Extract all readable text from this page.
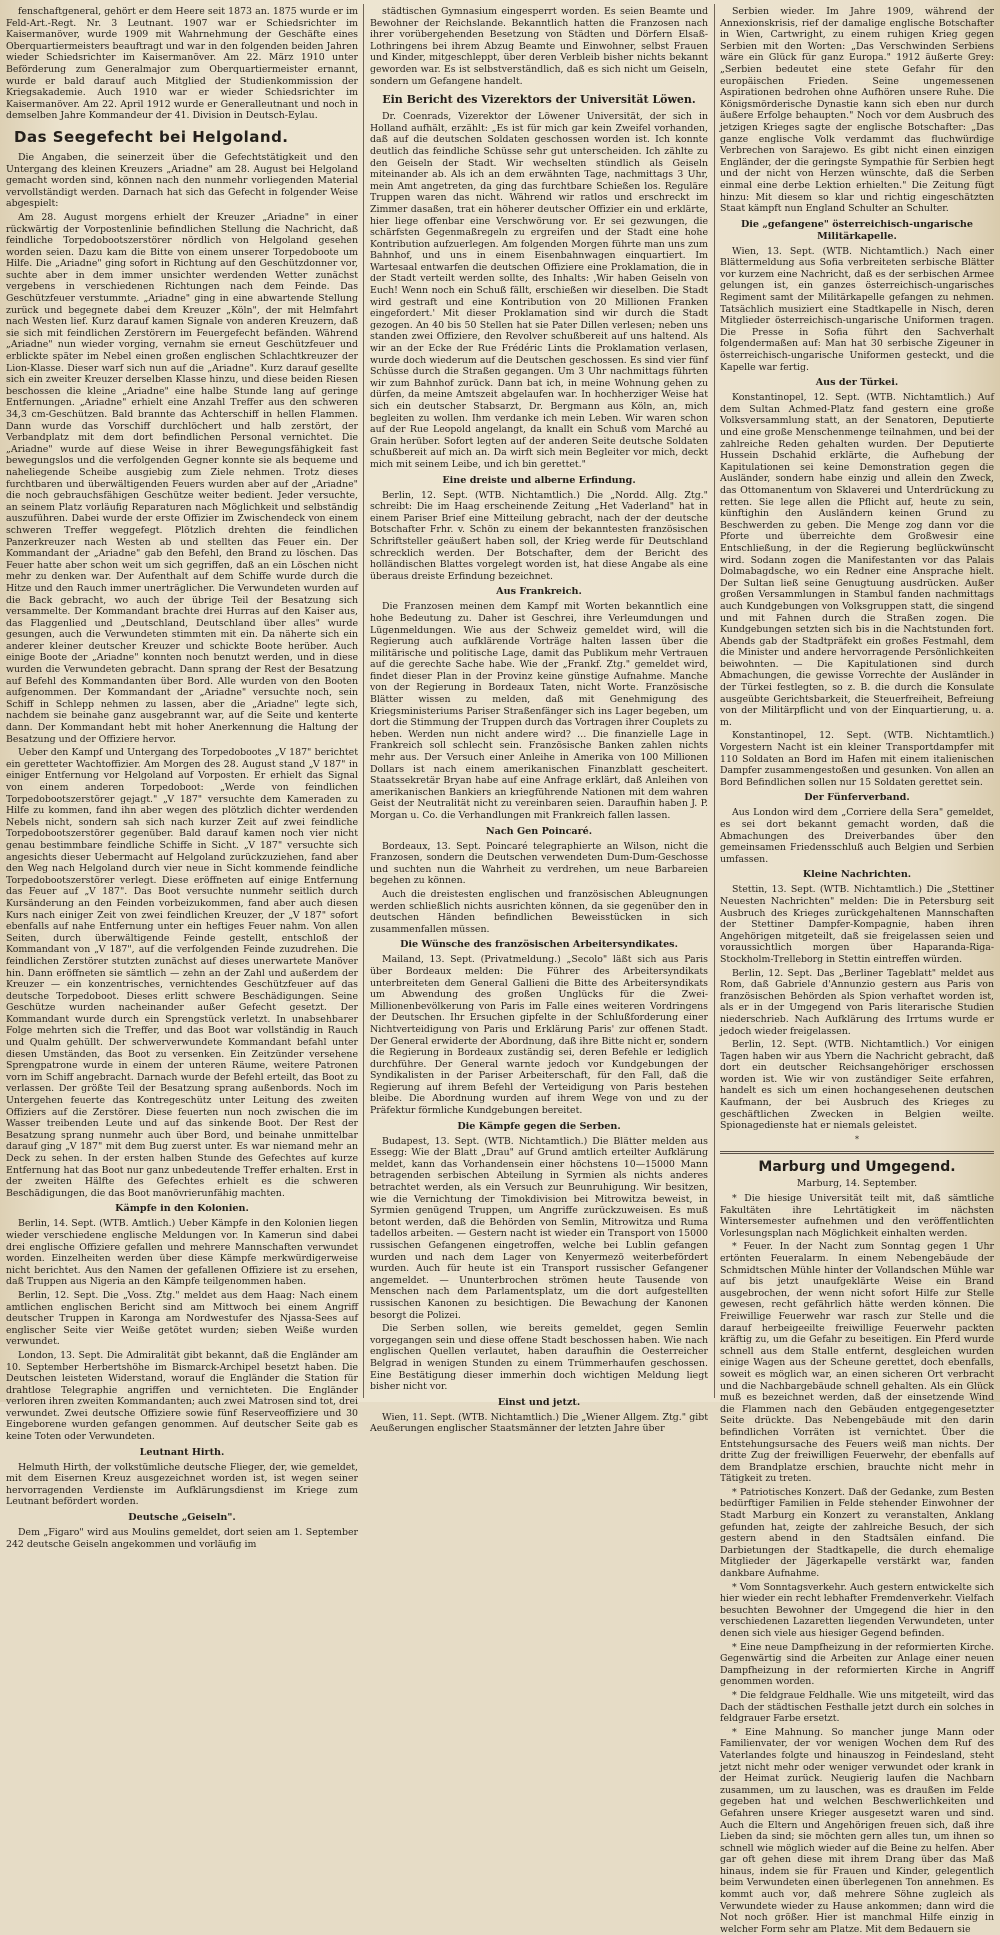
fenschaftgeneral, gehört er dem Heere seit 1873 an. 1875 wurde er im Feld-Art.-Regt. Nr. 3 Leutnant. 1907 war er Schiedsrichter im Kaisermanöver, wurde 1909 mit Wahrnehmung der Geschäfte eines Oberquartiermeisters beauftragt und war in den folgenden beiden Jahren wieder Schiedsrichter im Kaisermanöver. Am 22. März 1910 unter Beförderung zum Generalmajor zum Oberquartiermeister ernannt, wurde er bald darauf auch Mitglied der Studienkommission der Kriegsakademie. Auch 1910 war er wieder Schiedsrichter im Kaisermanöver. Am 22. April 1912 wurde er Generalleutnant und noch in demselben Jahre Kommandeur der 41. Division in Deutsch-Eylau.

Das Seegefecht bei Helgoland.

Die Angaben, die seinerzeit über die Gefechtstätigkeit und den Untergang des kleinen Kreuzers „Ariadne" am 28. August bei Helgoland gemacht worden sind, können nach den nunmehr vorliegenden Material vervollständigt werden. Darnach hat sich das Gefecht in folgender Weise abgespielt:

Am 28. August morgens erhielt der Kreuzer „Ariadne" in einer rückwärtig der Vorpostenlinie befindlichen Stellung die Nachricht, daß feindliche Torpedobootszerstörer nördlich von Helgoland gesehen worden seien. Dazu kam die Bitte von einem unserer Torpedoboote um Hilfe. Die „Ariadne" ging sofort in Richtung auf den Geschützdonner vor, suchte aber in dem immer unsichter werdenden Wetter zunächst vergebens in verschiedenen Richtungen nach dem Feinde. Das Geschützfeuer verstummte. „Ariadne" ging in eine abwartende Stellung zurück und begegnete dabei dem Kreuzer „Köln", der mit Helmfahrt nach Westen lief. Kurz darauf kamen Signale von anderen Kreuzern, daß sie sich mit feindlichen Zerstörern im Feuergefecht befänden. Während „Ariadne" nun wieder vorging, vernahm sie erneut Geschützfeuer und erblickte später im Nebel einen großen englischen Schlachtkreuzer der Lion-Klasse. Dieser warf sich nun auf die „Ariadne". Kurz darauf gesellte sich ein zweiter Kreuzer derselben Klasse hinzu, und diese beiden Riesen beschossen die kleine „Ariadne" eine halbe Stunde lang auf geringe Entfernungen. „Ariadne" erhielt eine Anzahl Treffer aus den schweren 34,3 cm-Geschützen. Bald brannte das Achterschiff in hellen Flammen. Dann wurde das Vorschiff durchlöchert und halb zerstört, der Verbandplatz mit dem dort befindlichen Personal vernichtet. Die „Ariadne" wurde auf diese Weise in ihrer Bewegungsfähigkeit fast bewegungslos und die verfolgenden Gegner konnte sie als bequeme und naheliegende Scheibe ausgiebig zum Ziele nehmen. Trotz dieses furchtbaren und überwältigenden Feuers wurden aber auf der „Ariadne" die noch gebrauchsfähigen Geschütze weiter bedient. Jeder versuchte, an seinem Platz vorläufig Reparaturen nach Möglichkeit und selbständig auszuführen. Dabei wurde der erste Offizier im Zwischendeck von einem schweren Treffer weggefegt. Plötzlich drehten die feindlichen Panzerkreuzer nach Westen ab und stellten das Feuer ein. Der Kommandant der „Ariadne" gab den Befehl, den Brand zu löschen. Das Feuer hatte aber schon weit um sich gegriffen, daß an ein Löschen nicht mehr zu denken war. Der Aufenthalt auf dem Schiffe wurde durch die Hitze und den Rauch immer unerträglicher. Die Verwundeten wurden auf die Back gebracht, wo auch der übrige Teil der Besatzung sich versammelte. Der Kommandant brachte drei Hurras auf den Kaiser aus, das Flaggenlied und „Deutschland, Deutschland über alles" wurde gesungen, auch die Verwundeten stimmten mit ein. Da näherte sich ein anderer kleiner deutscher Kreuzer und schickte Boote herüber. Auch einige Boote der „Ariadne" konnten noch benutzt werden, und in diese wurden die Verwundeten gebracht. Dann sprang der Rest der Besatzung auf Befehl des Kommandanten über Bord. Alle wurden von den Booten aufgenommen. Der Kommandant der „Ariadne" versuchte noch, sein Schiff in Schlepp nehmen zu lassen, aber die „Ariadne" legte sich, nachdem sie beinahe ganz ausgebrannt war, auf die Seite und kenterte dann. Der Kommandant hebt mit hoher Anerkennung die Haltung der Besatzung und der Offiziere hervor.

Ueber den Kampf und Untergang des Torpedobootes „V 187" berichtet ein geretteter Wachtoffizier. Am Morgen des 28. August stand „V 187" in einiger Entfernung vor Helgoland auf Vorposten. Er erhielt das Signal von einem anderen Torpedoboot: „Werde von feindlichen Torpedobootszerstörer gejagt." „V 187" versuchte dem Kameraden zu Hilfe zu kommen, fand ihn aber wegen des plötzlich dichter werdenden Nebels nicht, sondern sah sich nach kurzer Zeit auf zwei feindliche Torpedobootszerstörer gegenüber. Bald darauf kamen noch vier nicht genau bestimmbare feindliche Schiffe in Sicht. „V 187" versuchte sich angesichts dieser Uebermacht auf Helgoland zurückzuziehen, fand aber den Weg nach Helgoland durch vier neue in Sicht kommende feindliche Torpedobootszerstörer verlegt. Diese eröffneten auf einige Entfernung das Feuer auf „V 187". Das Boot versuchte nunmehr seitlich durch Kursänderung an den Feinden vorbeizukommen, fand aber auch diesen Kurs nach einiger Zeit von zwei feindlichen Kreuzer, der „V 187" sofort ebenfalls auf nahe Entfernung unter ein heftiges Feuer nahm. Von allen Seiten, durch überwältigende Feinde gestellt, entschloß der Kommandant von „V 187", auf die verfolgenden Feinde zuzudrehen. Die feindlichen Zerstörer stutzten zunächst auf dieses unerwartete Manöver hin. Dann eröffneten sie sämtlich — zehn an der Zahl und außerdem der Kreuzer — ein konzentrisches, vernichtendes Geschützfeuer auf das deutsche Torpedoboot. Dieses erlitt schwere Beschädigungen. Seine Geschütze wurden nacheinander außer Gefecht gesetzt. Der Kommandant wurde durch ein Sprengstück verletzt. In unabsehbarer Folge mehrten sich die Treffer, und das Boot war vollständig in Rauch und Qualm gehüllt. Der schwerverwundete Kommandant befahl unter diesen Umständen, das Boot zu versenken. Ein Zeitzünder versehene Sprengpatrone wurde in einem der unteren Räume, weitere Patronen vorn im Schiff angebracht. Darnach wurde der Befehl erteilt, das Boot zu verlassen. Der größte Teil der Besatzung sprang außenbords. Noch im Untergehen feuerte das Kontregeschütz unter Leitung des zweiten Offiziers auf die Zerstörer. Diese feuerten nun noch zwischen die im Wasser treibenden Leute und auf das sinkende Boot. Der Rest der Besatzung sprang nunmehr auch über Bord, und beinahe unmittelbar darauf ging „V 187" mit dem Bug zuerst unter. Es war niemand mehr an Deck zu sehen. In der ersten halben Stunde des Gefechtes auf kurze Entfernung hat das Boot nur ganz unbedeutende Treffer erhalten. Erst in der zweiten Hälfte des Gefechtes erhielt es die schweren Beschädigungen, die das Boot manövrierunfähig machten.

Kämpfe in den Kolonien.

Berlin, 14. Sept. (WTB. Amtlich.) Ueber Kämpfe in den Kolonien liegen wieder verschiedene englische Meldungen vor. In Kamerun sind dabei drei englische Offiziere gefallen und mehrere Mannschaften verwundet worden. Einzelheiten werden über diese Kämpfe merkwürdigerweise nicht berichtet. Aus den Namen der gefallenen Offiziere ist zu ersehen, daß Truppen aus Nigeria an den Kämpfe teilgenommen haben.

Berlin, 12. Sept. Die „Voss. Ztg." meldet aus dem Haag: Nach einem amtlichen englischen Bericht sind am Mittwoch bei einem Angriff deutscher Truppen in Karonga am Nordwestufer des Njassa-Sees auf englischer Seite vier Weiße getötet wurden; sieben Weiße wurden verwundet.

London, 13. Sept. Die Admiralität gibt bekannt, daß die Engländer am 10. September Herbertshöhe im Bismarck-Archipel besetzt haben. Die Deutschen leisteten Widerstand, worauf die Engländer die Station für drahtlose Telegraphie angriffen und vernichteten. Die Engländer verloren ihren zweiten Kommandanten; auch zwei Matrosen sind tot, drei verwundet. Zwei deutsche Offiziere sowie fünf Reserveoffiziere und 30 Eingeborene wurden gefangen genommen. Auf deutscher Seite gab es keine Toten oder Verwundeten.

Leutnant Hirth.

Helmuth Hirth, der volkstümliche deutsche Flieger, der, wie gemeldet, mit dem Eisernen Kreuz ausgezeichnet worden ist, ist wegen seiner hervorragenden Verdienste im Aufklärungsdienst im Kriege zum Leutnant befördert worden.

Deutsche „Geiseln".

Dem „Figaro" wird aus Moulins gemeldet, dort seien am 1. September 242 deutsche Geiseln angekommen und vorläufig im

städtischen Gymnasium eingesperrt worden. Es seien Beamte und Bewohner der Reichslande. Bekanntlich hatten die Franzosen nach ihrer vorübergehenden Besetzung von Städten und Dörfern Elsaß-Lothringens bei ihrem Abzug Beamte und Einwohner, selbst Frauen und Kinder, mitgeschleppt, über deren Verbleib bisher nichts bekannt geworden war. Es ist selbstverständlich, daß es sich nicht um Geiseln, sondern um Gefangene handelt.

Ein Bericht des Vizerektors der Universität Löwen.

Dr. Coenrads, Vizerektor der Löwener Universität, der sich in Holland aufhält, erzählt: „Es ist für mich gar kein Zweifel vorhanden, daß auf die deutschen Soldaten geschossen worden ist. Ich konnte deutlich das feindliche Schüsse sehr gut unterscheiden. Ich zählte zu den Geiseln der Stadt. Wir wechselten stündlich als Geiseln miteinander ab. Als ich an dem erwähnten Tage, nachmittags 3 Uhr, mein Amt angetreten, da ging das furchtbare Schießen los. Reguläre Truppen waren das nicht. Während wir ratlos und erschreckt im Zimmer dasaßen, trat ein höherer deutscher Offizier ein und erklärte, hier liege offenbar eine Verschwörung vor. Er sei gezwungen, die schärfsten Gegenmaßregeln zu ergreifen und der Stadt eine hohe Kontribution aufzuerlegen. Am folgenden Morgen führte man uns zum Bahnhof, und uns in einem Eisenbahnwagen einquartiert. Im Wartesaal entwarfen die deutschen Offiziere eine Proklamation, die in der Stadt verteilt werden sollte, des Inhalts: ‚Wir haben Geiseln von Euch! Wenn noch ein Schuß fällt, erschießen wir dieselben. Die Stadt wird gestraft und eine Kontribution von 20 Millionen Franken eingefordert.' Mit dieser Proklamation sind wir durch die Stadt gezogen. An 40 bis 50 Stellen hat sie Pater Dillen verlesen; neben uns standen zwei Offiziere, den Revolver schußbereit auf uns haltend. Als wir an der Ecke der Rue Frédéric Lints die Proklamation verlasen, wurde doch wiederum auf die Deutschen geschossen. Es sind vier fünf Schüsse durch die Straßen gegangen. Um 3 Uhr nachmittags führten wir zum Bahnhof zurück. Dann bat ich, in meine Wohnung gehen zu dürfen, da meine Amtszeit abgelaufen war. In hochherziger Weise hat sich ein deutscher Stabsarzt, Dr. Bergmann aus Köln, an, mich begleiten zu wollen. Ihm verdanke ich mein Leben. Wir waren schon auf der Rue Leopold angelangt, da knallt ein Schuß vom Marché au Grain herüber. Sofort legten auf der anderen Seite deutsche Soldaten schußbereit auf mich an. Da wirft sich mein Begleiter vor mich, deckt mich mit seinem Leibe, und ich bin gerettet."

Eine dreiste und alberne Erfindung.

Berlin, 12. Sept. (WTB. Nichtamtlich.) Die „Nordd. Allg. Ztg." schreibt: Die im Haag erscheinende Zeitung „Het Vaderland" hat in einem Pariser Brief eine Mitteilung gebracht, nach der der deutsche Botschafter Frhr. v. Schön zu einem der bekanntesten französischen Schriftsteller geäußert haben soll, der Krieg werde für Deutschland schrecklich werden. Der Botschafter, dem der Bericht des holländischen Blattes vorgelegt worden ist, hat diese Angabe als eine überaus dreiste Erfindung bezeichnet.

Aus Frankreich.

Die Franzosen meinen dem Kampf mit Worten bekanntlich eine hohe Bedeutung zu. Daher ist Geschrei, ihre Verleumdungen und Lügenmeldungen. Wie aus der Schweiz gemeldet wird, will die Regierung auch aufklärende Vorträge halten lassen über die militärische und politische Lage, damit das Publikum mehr Vertrauen auf die gerechte Sache habe. Wie der „Frankf. Ztg." gemeldet wird, findet dieser Plan in der Provinz keine günstige Aufnahme. Manche von der Regierung in Bordeaux Taten, nicht Worte. Französische Blätter wissen zu melden, daß mit Genehmigung des Kriegsministeriums Pariser Straßenfänger sich ins Lager begeben, um dort die Stimmung der Truppen durch das Vortragen ihrer Couplets zu heben. Werden nun nicht andere wird? … Die finanzielle Lage in Frankreich soll schlecht sein. Französische Banken zahlen nichts mehr aus. Der Versuch einer Anleihe in Amerika von 100 Millionen Dollars ist nach einem amerikanischen Finanzblatt gescheitert. Staatssekretär Bryan habe auf eine Anfrage erklärt, daß Anleihen von amerikanischen Bankiers an kriegführende Nationen mit dem wahren Geist der Neutralität nicht zu vereinbaren seien. Daraufhin haben J. P. Morgan u. Co. die Verhandlungen mit Frankreich fallen lassen.

Nach Gen Poincaré.

Bordeaux, 13. Sept. Poincaré telegraphierte an Wilson, nicht die Franzosen, sondern die Deutschen verwendeten Dum-Dum-Geschosse und suchten nun die Wahrheit zu verdrehen, um neue Barbareien begehen zu können.

Auch die dreistesten englischen und französischen Ableugnungen werden schließlich nichts ausrichten können, da sie gegenüber den in deutschen Händen befindlichen Beweisstücken in sich zusammenfallen müssen.

Die Wünsche des französischen Arbeitersyndikates.

Mailand, 13. Sept. (Privatmeldung.) „Secolo" läßt sich aus Paris über Bordeaux melden: Die Führer des Arbeitersyndikats unterbreiteten dem General Gallieni die Bitte des Arbeitersyndikats um Abwendung des großen Unglücks für die Zwei-Millionenbevölkerung von Paris im Falle eines weiteren Vordringens der Deutschen. Ihr Ersuchen gipfelte in der Schlußforderung einer Nichtverteidigung von Paris und Erklärung Paris' zur offenen Stadt. Der General erwiderte der Abordnung, daß ihre Bitte nicht er, sondern die Regierung in Bordeaux zuständig sei, deren Befehle er lediglich durchführe. Der General warnte jedoch vor Kundgebungen der Syndikalisten in der Pariser Arbeiterschaft, für den Fall, daß die Regierung auf ihrem Befehl der Verteidigung von Paris bestehen bleibe. Die Abordnung wurden auf ihrem Wege von und zu der Präfektur förmliche Kundgebungen bereitet.

Die Kämpfe gegen die Serben.

Budapest, 13. Sept. (WTB. Nichtamtlich.) Die Blätter melden aus Essegg: Wie der Blatt „Drau" auf Grund amtlich erteilter Aufklärung meldet, kann das Vorhandensein einer höchstens 10—15000 Mann betragenden serbischen Abteilung in Syrmien als nichts anderes betrachtet werden, als ein Versuch zur Beunruhigung. Wir besitzen, wie die Vernichtung der Timokdivision bei Mitrowitza beweist, in Syrmien genügend Truppen, um Angriffe zurückzuweisen. Es muß betont werden, daß die Behörden von Semlin, Mitrowitza und Ruma tadellos arbeiten. — Gestern nacht ist wieder ein Transport von 15000 russischen Gefangenen eingetroffen, welche bei Lublin gefangen wurden und nach dem Lager von Kenyermezö weiterbefördert wurden. Auch für heute ist ein Transport russischer Gefangener angemeldet. — Ununterbrochen strömen heute Tausende von Menschen nach dem Parlamentsplatz, um die dort aufgestellten russischen Kanonen zu besichtigen. Die Bewachung der Kanonen besorgt die Polizei.

Die Serben sollen, wie bereits gemeldet, gegen Semlin vorgegangen sein und diese offene Stadt beschossen haben. Wie nach englischen Quellen verlautet, haben daraufhin die Oesterreicher Belgrad in wenigen Stunden zu einem Trümmerhaufen geschossen. Eine Bestätigung dieser immerhin doch wichtigen Meldung liegt bisher nicht vor.

Einst und jetzt.

Wien, 11. Sept. (WTB. Nichtamtlich.) Die „Wiener Allgem. Ztg." gibt Aeußerungen englischer Staatsmänner der letzten Jahre über

Serbien wieder. Im Jahre 1909, während der Annexionskrisis, rief der damalige englische Botschafter in Wien, Cartwright, zu einem ruhigen Krieg gegen Serbien mit den Worten: „Das Verschwinden Serbiens wäre ein Glück für ganz Europa." 1912 äußerte Grey: „Serbien bedeutet eine stete Gefahr für den europäischen Frieden. Seine ungemessenen Aspirationen bedrohen ohne Aufhören unsere Ruhe. Die Königsmörderische Dynastie kann sich eben nur durch äußere Erfolge behaupten." Noch vor dem Ausbruch des jetzigen Krieges sagte der englische Botschafter: „Das ganze englische Volk verdammt das fluchwürdige Verbrechen von Sarajewo. Es gibt nicht einen einzigen Engländer, der die geringste Sympathie für Serbien hegt und der nicht von Herzen wünschte, daß die Serben einmal eine derbe Lektion erhielten." Die Zeitung fügt hinzu: Mit diesem so klar und richtig eingeschätzten Staat kämpft nun England Schulter an Schulter.

Die „gefangene" österreichisch-ungarische Militärkapelle.

Wien, 13. Sept. (WTB. Nichtamtlich.) Nach einer Blättermeldung aus Sofia verbreiteten serbische Blätter vor kurzem eine Nachricht, daß es der serbischen Armee gelungen ist, ein ganzes österreichisch-ungarisches Regiment samt der Militärkapelle gefangen zu nehmen. Tatsächlich musiziert eine Stadtkapelle in Nisch, deren Mitglieder österreichisch-ungarische Uniformen tragen. Die Presse in Sofia führt den Sachverhalt folgendermaßen auf: Man hat 30 serbische Zigeuner in österreichisch-ungarische Uniformen gesteckt, und die Kapelle war fertig.

Aus der Türkei.

Konstantinopel, 12. Sept. (WTB. Nichtamtlich.) Auf dem Sultan Achmed-Platz fand gestern eine große Volksversammlung statt, an der Senatoren, Deputierte und eine große Menschenmenge teilnahmen, und bei der zahlreiche Reden gehalten wurden. Der Deputierte Hussein Dschahid erklärte, die Aufhebung der Kapitulationen sei keine Demonstration gegen die Ausländer, sondern habe einzig und allein den Zweck, das Ottomanentum von Sklaverei und Unterdrückung zu retten. Sie lege allen die Pflicht auf, heute zu sein, künftighin den Ausländern keinen Grund zu Beschwerden zu geben. Die Menge zog dann vor die Pforte und überreichte dem Großwesir eine Entschließung, in der die Regierung beglückwünscht wird. Sodann zogen die Manifestanten vor das Palais Dolmabagdsche, wo ein Redner eine Ansprache hielt. Der Sultan ließ seine Genugtuung ausdrücken. Außer großen Versammlungen in Stambul fanden nachmittags auch Kundgebungen von Volksgruppen statt, die singend und mit Fahnen durch die Straßen zogen. Die Kundgebungen setzten sich bis in die Nachtstunden fort. Abends gab der Stadtpräfekt ein großes Festmahl, dem die Minister und andere hervorragende Persönlichkeiten beiwohnten. — Die Kapitulationen sind durch Abmachungen, die gewisse Vorrechte der Ausländer in der Türkei festlegten, so z. B. die durch die Konsulate ausgeübte Gerichtsbarkeit, die Steuerfreiheit, Befreiung von der Militärpflicht und von der Einquartierung, u. a. m.

Konstantinopel, 12. Sept. (WTB. Nichtamtlich.) Vorgestern Nacht ist ein kleiner Transportdampfer mit 110 Soldaten an Bord im Hafen mit einem italienischen Dampfer zusammengestoßen und gesunken. Von allen an Bord Befindlichen sollen nur 15 Soldaten gerettet sein.

Der Fünferverband.

Aus London wird dem „Corriere della Sera" gemeldet, es sei dort bekannt gemacht worden, daß die Abmachungen des Dreiverbandes über den gemeinsamen Friedensschluß auch Belgien und Serbien umfassen.

Kleine Nachrichten.

Stettin, 13. Sept. (WTB. Nichtamtlich.) Die „Stettiner Neuesten Nachrichten" melden: Die in Petersburg seit Ausbruch des Krieges zurückgehaltenen Mannschaften der Stettiner Dampfer-Kompagnie, haben ihren Angehörigen mitgeteilt, daß sie freigelassen seien und voraussichtlich morgen über Haparanda-Riga-Stockholm-Trelleborg in Stettin eintreffen würden.

Berlin, 12. Sept. Das „Berliner Tageblatt" meldet aus Rom, daß Gabriele d'Annunzio gestern aus Paris von französischen Behörden als Spion verhaftet worden ist, als er in der Umgegend von Paris literarische Studien niederschrieb. Nach Aufklärung des Irrtums wurde er jedoch wieder freigelassen.

Berlin, 12. Sept. (WTB. Nichtamtlich.) Vor einigen Tagen haben wir aus Ybern die Nachricht gebracht, daß dort ein deutscher Reichsangehöriger erschossen worden ist. Wie wir von zuständiger Seite erfahren, handelt es sich um einen hochangesehenen deutschen Kaufmann, der bei Ausbruch des Krieges zu geschäftlichen Zwecken in Belgien weilte. Spionagedienste hat er niemals geleistet.

*
Marburg und Umgegend.
Marburg, 14. September.

* Die hiesige Universität teilt mit, daß sämtliche Fakultäten ihre Lehrtätigkeit im nächsten Wintersemester aufnehmen und den veröffentlichten Vorlesungsplan nach Möglichkeit einhalten werden.

* Feuer. In der Nacht zum Sonntag gegen 1 Uhr ertönten Feueralarm. In einem Nebengebäude der Schmidtschen Mühle hinter der Vollandschen Mühle war auf bis jetzt unaufgeklärte Weise ein Brand ausgebrochen, der wenn nicht sofort Hilfe zur Stelle gewesen, recht gefährlich hätte werden können. Die Freiwillige Feuerwehr war rasch zur Stelle und die darauf herbeigeeilte freiwillige Feuerwehr packten kräftig zu, um die Gefahr zu beseitigen. Ein Pferd wurde schnell aus dem Stalle entfernt, desgleichen wurden einige Wagen aus der Scheune gerettet, doch ebenfalls, soweit es möglich war, an einen sicheren Ort verbracht und die Nachbargebäude schnell gehalten. Als ein Glück muß es bezeichnet werden, daß der einsetzende Wind die Flammen nach den Gebäuden entgegengesetzter Seite drückte. Das Nebengebäude mit den darin befindlichen Vorräten ist vernichtet. Über die Entstehungsursache des Feuers weiß man nichts. Der dritte Zug der freiwilligen Feuerwehr, der ebenfalls auf dem Brandplatze erschien, brauchte nicht mehr in Tätigkeit zu treten.

* Patriotisches Konzert. Daß der Gedanke, zum Besten bedürftiger Familien in Felde stehender Einwohner der Stadt Marburg ein Konzert zu veranstalten, Anklang gefunden hat, zeigte der zahlreiche Besuch, der sich gestern abend in den Stadtsälen einfand. Die Darbietungen der Stadtkapelle, die durch ehemalige Mitglieder der Jägerkapelle verstärkt war, fanden dankbare Aufnahme.

* Vom Sonntagsverkehr. Auch gestern entwickelte sich hier wieder ein recht lebhafter Fremdenverkehr. Vielfach besuchten Bewohner der Umgegend die hier in den verschiedenen Lazaretten liegenden Verwundeten, unter denen sich viele aus hiesiger Gegend befinden.

* Eine neue Dampfheizung in der reformierten Kirche. Gegenwärtig sind die Arbeiten zur Anlage einer neuen Dampfheizung in der reformierten Kirche in Angriff genommen worden.

* Die feldgraue Feldhalle. Wie uns mitgeteilt, wird das Dach der städtischen Festhalle jetzt durch ein solches in feldgrauer Farbe ersetzt.

* Eine Mahnung. So mancher junge Mann oder Familienvater, der vor wenigen Wochen dem Ruf des Vaterlandes folgte und hinauszog in Feindesland, steht jetzt nicht mehr oder weniger verwundet oder krank in der Heimat zurück. Neugierig laufen die Nachbarn zusammen, um zu lauschen, was es draußen im Felde gegeben hat und welchen Beschwerlichkeiten und Gefahren unsere Krieger ausgesetzt waren und sind. Auch die Eltern und Angehörigen freuen sich, daß ihre Lieben da sind; sie möchten gern alles tun, um ihnen so schnell wie möglich wieder auf die Beine zu helfen. Aber gar oft gehen diese mit ihrem Drang über das Maß hinaus, indem sie für Frauen und Kinder, gelegentlich beim Verwundeten einen überlegenen Ton annehmen. Es kommt auch vor, daß mehrere Söhne zugleich als Verwundete wieder zu Hause ankommen; dann wird die Not noch größer. Hier ist manchmal Hilfe einzig in welcher Form sehr am Platze. Mit dem Bedauern sie
